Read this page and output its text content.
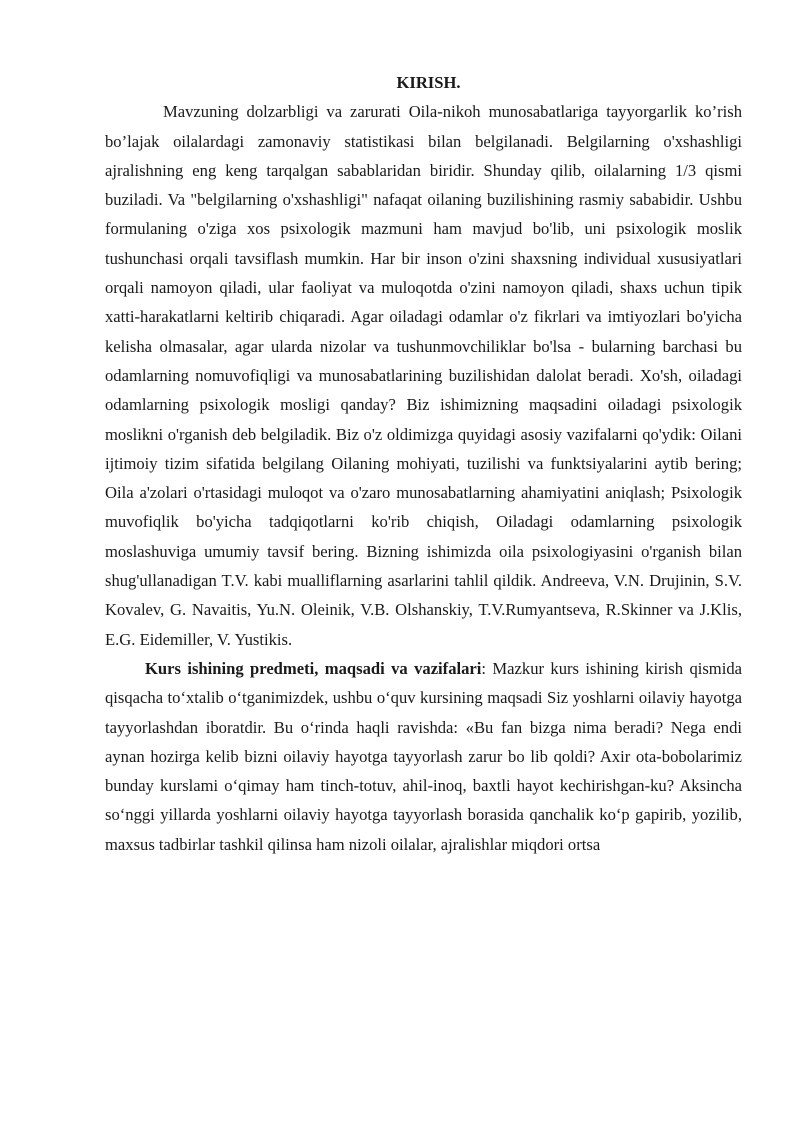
KIRISH.

Mavzuning dolzarbligi va zarurati Oila-nikoh munosabatlariga tayyorgarlik ko’rish bo’lajak oilalardagi zamonaviy statistikasi bilan belgilanadi. Belgilarning o'xshashligi ajralishning eng keng tarqalgan sabablaridan biridir. Shunday qilib, oilalarning 1/3 qismi buziladi. Va "belgilarning o'xshashligi" nafaqat oilaning buzilishining rasmiy sababidir. Ushbu formulaning o'ziga xos psixologik mazmuni ham mavjud bo'lib, uni psixologik moslik tushunchasi orqali tavsiflash mumkin. Har bir inson o'zini shaxsning individual xususiyatlari orqali namoyon qiladi, ular faoliyat va muloqotda o'zini namoyon qiladi, shaxs uchun tipik xatti-harakatlarni keltirib chiqaradi. Agar oiladagi odamlar o'z fikrlari va imtiyozlari bo'yicha kelisha olmasalar, agar ularda nizolar va tushunmovchiliklar bo'lsa - bularning barchasi bu odamlarning nomuvofiqligi va munosabatlarining buzilishidan dalolat beradi. Xo'sh, oiladagi odamlarning psixologik mosligi qanday? Biz ishimizning maqsadini oiladagi psixologik moslikni o'rganish deb belgiladik. Biz o'z oldimizga quyidagi asosiy vazifalarni qo'ydik: Oilani ijtimoiy tizim sifatida belgilang Oilaning mohiyati, tuzilishi va funktsiyalarini aytib bering; Oila a'zolari o'rtasidagi muloqot va o'zaro munosabatlarning ahamiyatini aniqlash; Psixologik muvofiqlik bo'yicha tadqiqotlarni ko'rib chiqish, Oiladagi odamlarning psixologik moslashuviga umumiy tavsif bering. Bizning ishimizda oila psixologiyasini o'rganish bilan shug'ullanadigan T.V. kabi mualliflarning asarlarini tahlil qildik. Andreeva, V.N. Drujinin, S.V. Kovalev, G. Navaitis, Yu.N. Oleinik, V.B. Olshanskiy, T.V.Rumyantseva, R.Skinner va J.Klis, E.G. Eidemiller, V. Yustikis.

Kurs ishining predmeti, maqsadi va vazifalari: Mazkur kurs ishining kirish qismida qisqacha to‘xtalib o‘tganimizdek, ushbu o‘quv kursining maqsadi Siz yoshlarni oilaviy hayotga tayyorlashdan iboratdir. Bu o‘rinda haqli ravishda: «Bu fan bizga nima beradi? Nega endi aynan hozirga kelib bizni oilaviy hayotga tayyorlash zarur bo lib qoldi? Axir ota-bobolarimiz bunday kurslami o‘qimay ham tinch-totuv, ahil-inoq, baxtli hayot kechirishgan-ku? Aksincha so‘nggi yillarda yoshlarni oilaviy hayotga tayyorlash borasida qanchalik ko‘p gapirib, yozilib, maxsus tadbirlar tashkil qilinsa ham nizoli oilalar, ajralishlar miqdori ortsa
